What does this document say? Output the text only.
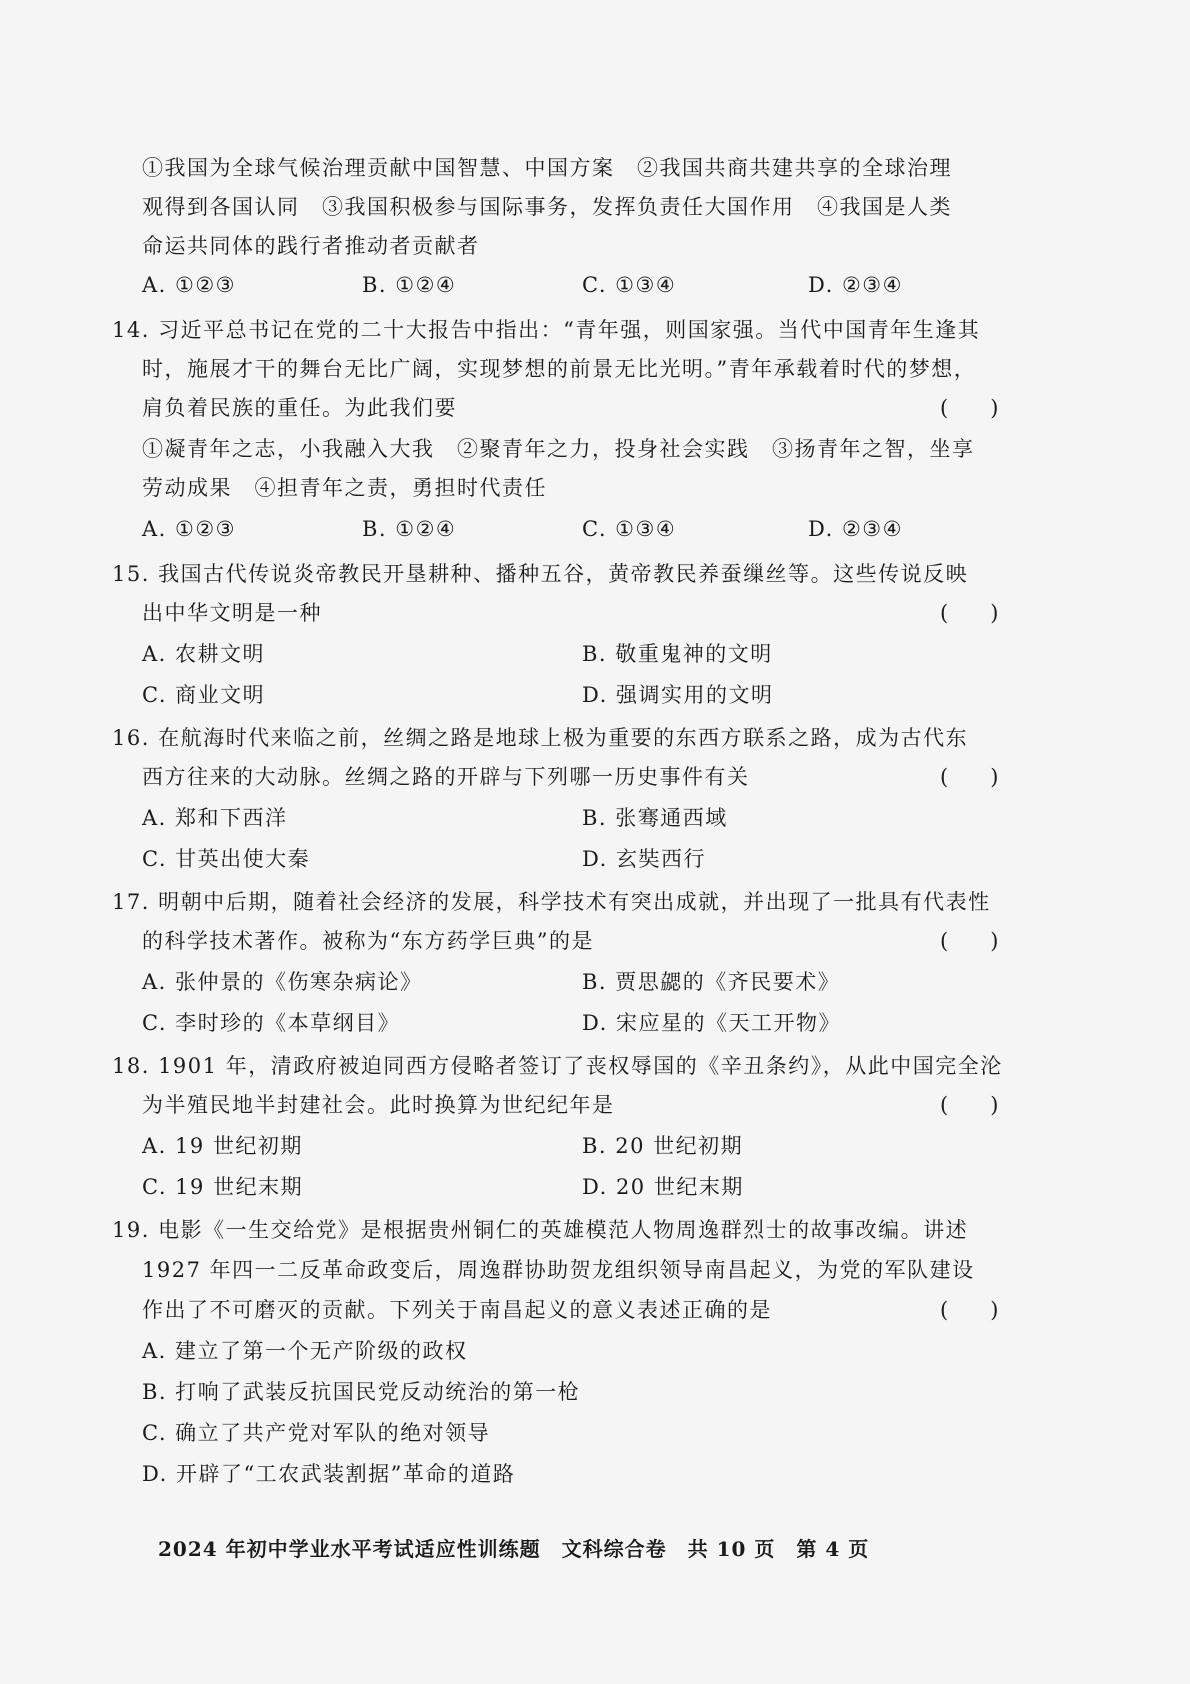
①我国为全球气候治理贡献中国智慧、中国方案　②我国共商共建共享的全球治理
观得到各国认同　③我国积极参与国际事务，发挥负责任大国作用　④我国是人类
命运共同体的践行者推动者贡献者
A. ①②③	B. ①②④	C. ①③④	D. ②③④
14. 习近平总书记在党的二十大报告中指出：“青年强，则国家强。当代中国青年生逢其
时，施展才干的舞台无比广阔，实现梦想的前景无比光明。”青年承载着时代的梦想，
肩负着民族的重任。为此我们要	(　　)
①凝青年之志，小我融入大我　②聚青年之力，投身社会实践　③扬青年之智，坐享
劳动成果　④担青年之责，勇担时代责任
A. ①②③	B. ①②④	C. ①③④	D. ②③④
15. 我国古代传说炎帝教民开垦耕种、播种五谷，黄帝教民养蚕缫丝等。这些传说反映
出中华文明是一种	(　　)
A. 农耕文明	B. 敬重鬼神的文明
C. 商业文明	D. 强调实用的文明
16. 在航海时代来临之前，丝绸之路是地球上极为重要的东西方联系之路，成为古代东
西方往来的大动脉。丝绸之路的开辟与下列哪一历史事件有关	(　　)
A. 郑和下西洋	B. 张骞通西域
C. 甘英出使大秦	D. 玄奘西行
17. 明朝中后期，随着社会经济的发展，科学技术有突出成就，并出现了一批具有代表性
的科学技术著作。被称为“东方药学巨典”的是	(　　)
A. 张仲景的《伤寒杂病论》	B. 贾思勰的《齐民要术》
C. 李时珍的《本草纲目》	D. 宋应星的《天工开物》
18. 1901 年，清政府被迫同西方侵略者签订了丧权辱国的《辛丑条约》，从此中国完全沦
为半殖民地半封建社会。此时换算为世纪纪年是	(　　)
A. 19 世纪初期	B. 20 世纪初期
C. 19 世纪末期	D. 20 世纪末期
19. 电影《一生交给党》是根据贵州铜仁的英雄模范人物周逸群烈士的故事改编。讲述
1927 年四一二反革命政变后，周逸群协助贺龙组织领导南昌起义，为党的军队建设
作出了不可磨灭的贡献。下列关于南昌起义的意义表述正确的是	(　　)
A. 建立了第一个无产阶级的政权
B. 打响了武装反抗国民党反动统治的第一枪
C. 确立了共产党对军队的绝对领导
D. 开辟了“工农武装割据”革命的道路
2024 年初中学业水平考试适应性训练题　文科综合卷　共 10 页　第 4 页
